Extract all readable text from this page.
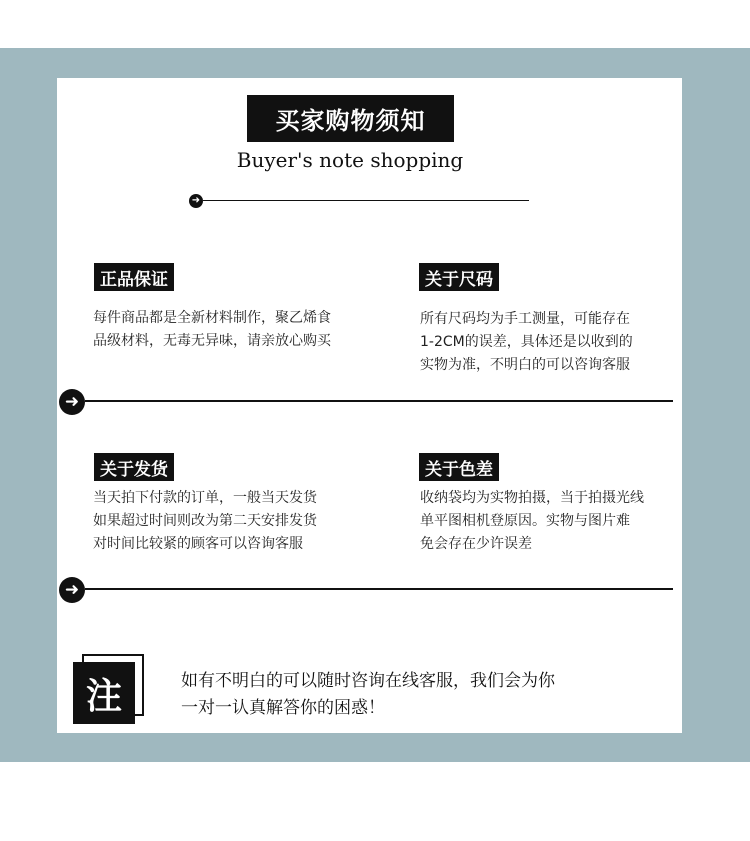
买家购物须知
Buyer's note shopping
➜
正品保证
每件商品都是全新材料制作，聚乙烯食
品级材料，无毒无异味，请亲放心购买
关于尺码
所有尺码均为手工测量，可能存在
1-2CM的误差，具体还是以收到的
实物为准，不明白的可以咨询客服
➜
关于发货
当天拍下付款的订单，一般当天发货
如果超过时间则改为第二天安排发货
对时间比较紧的顾客可以咨询客服
关于色差
收纳袋均为实物拍摄，当于拍摄光线
单平图相机登原因。实物与图片难
免会存在少许误差
➜
注	如有不明白的可以随时咨询在线客服，我们会为你
一对一认真解答你的困惑！
